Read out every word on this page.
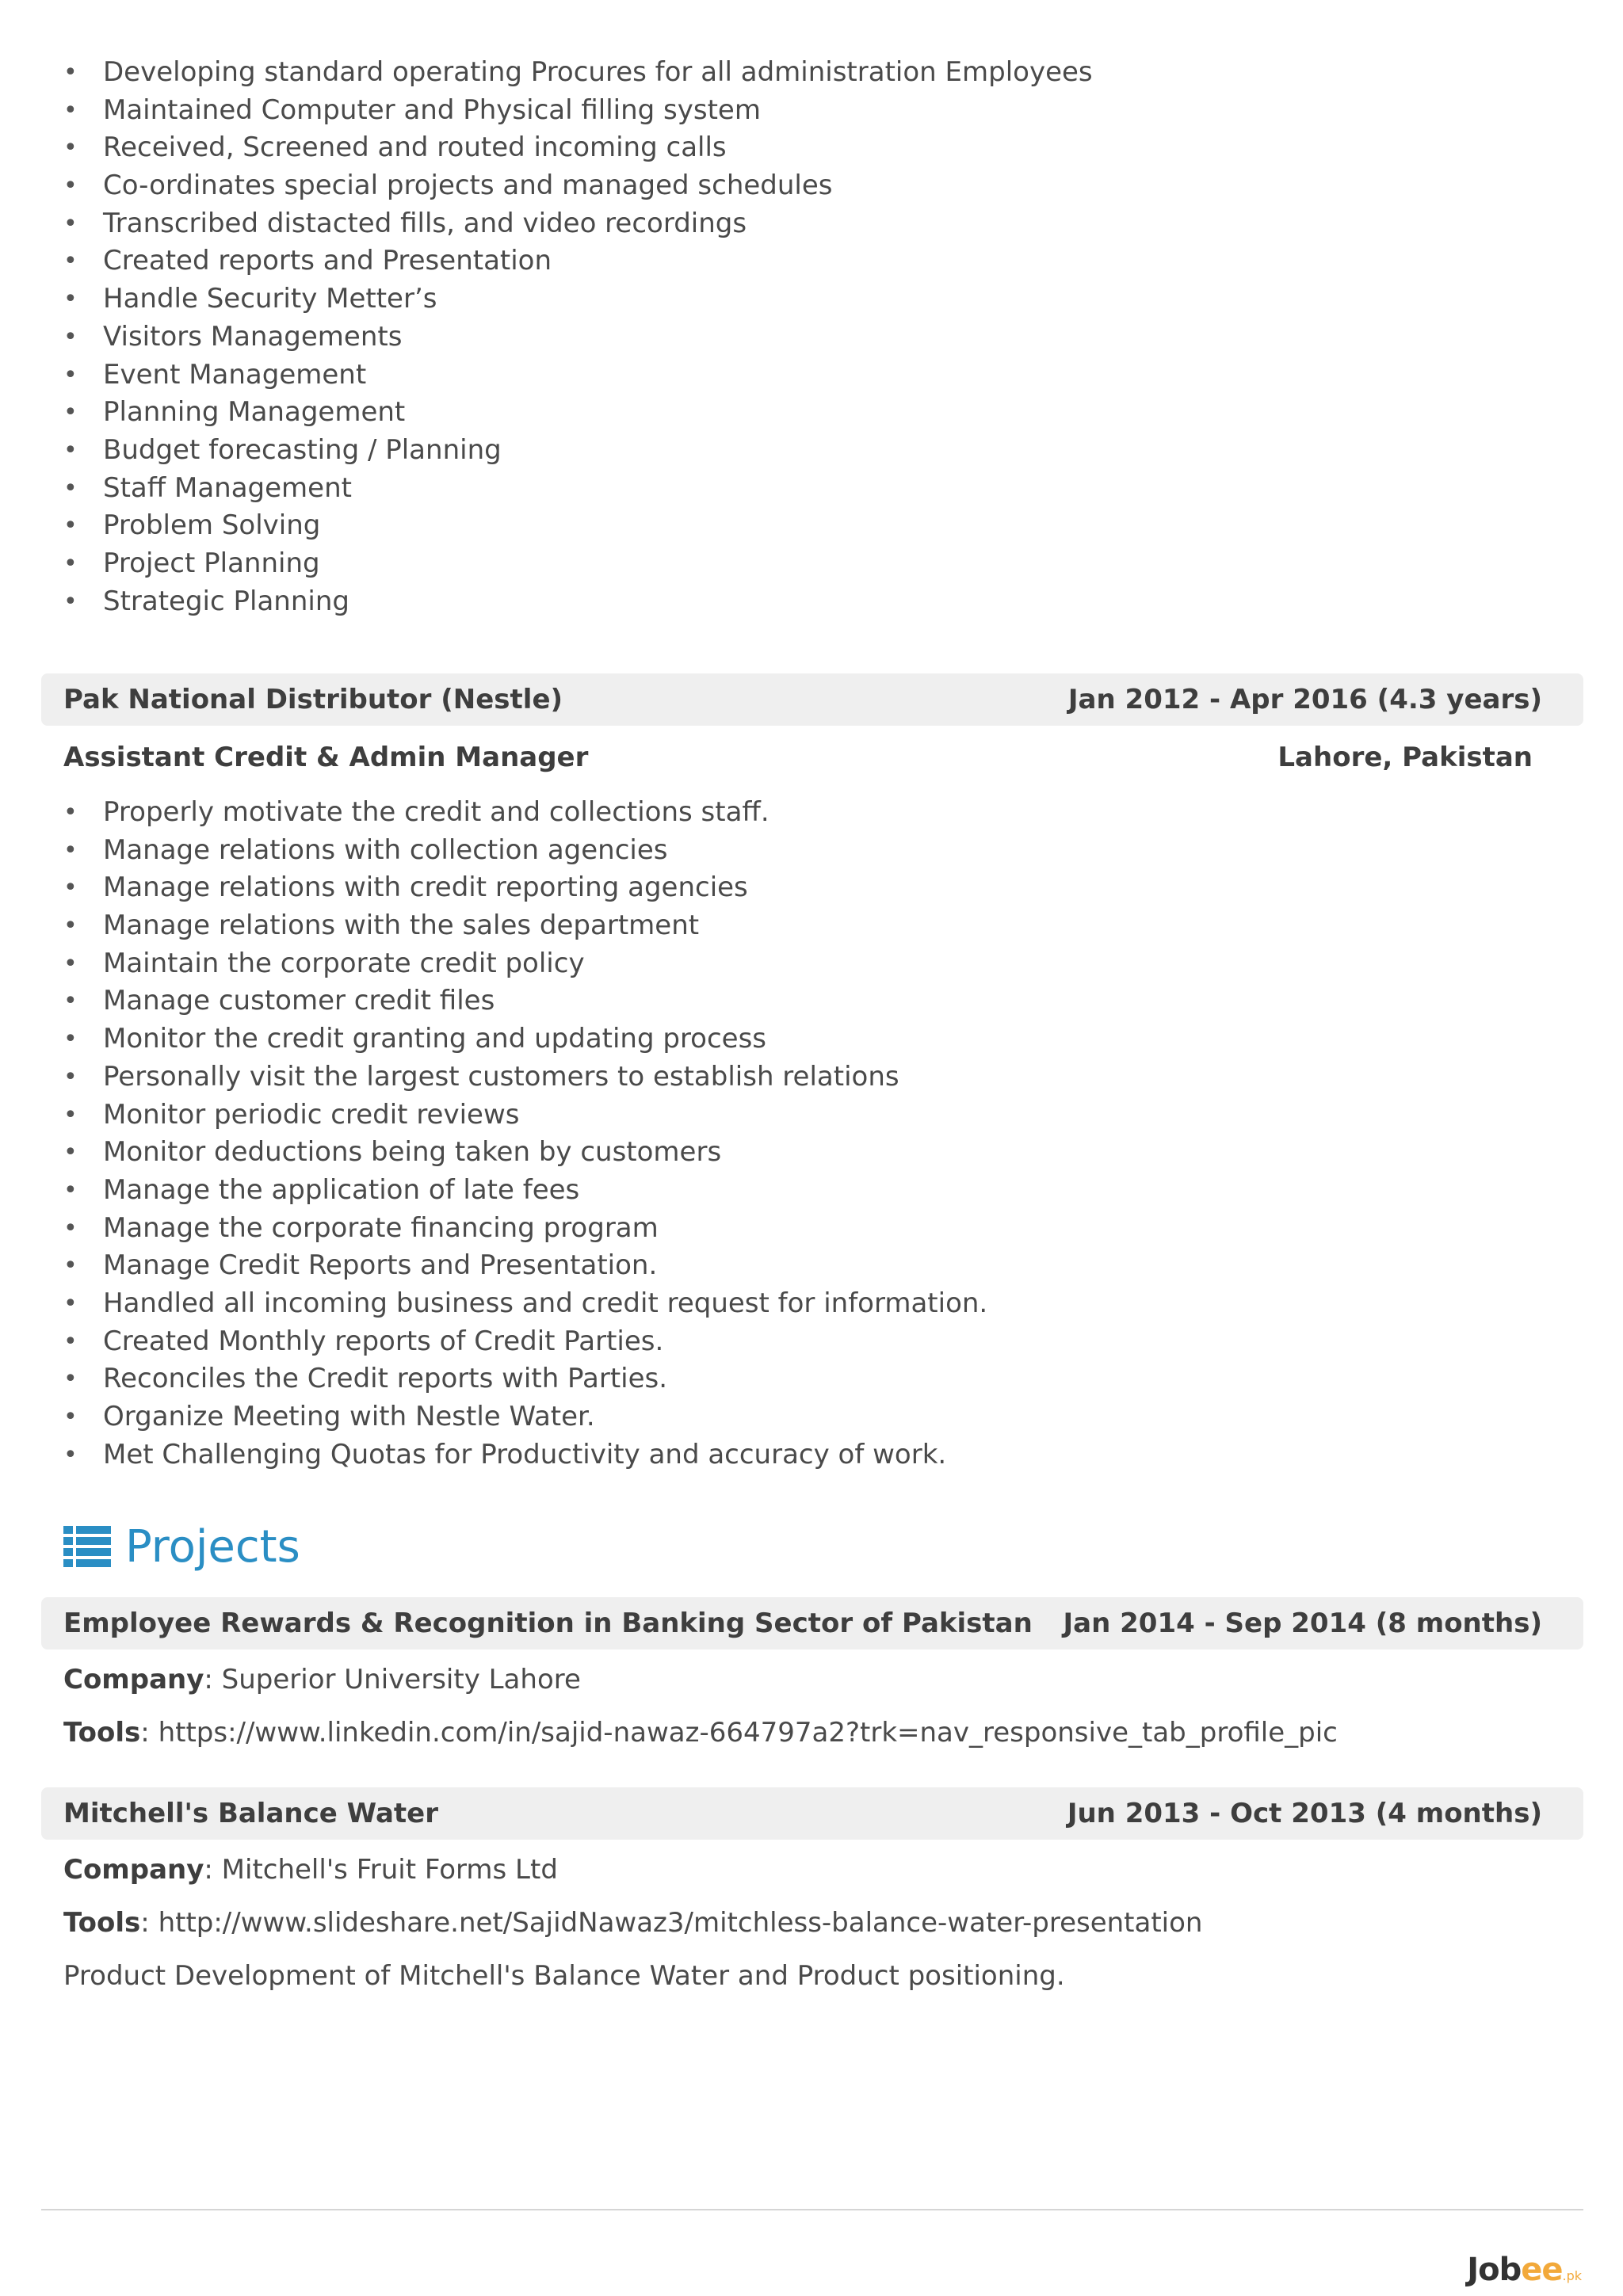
• Developing standard operating Procures for all administration Employees
• Maintained Computer and Physical filling system
• Received, Screened and routed incoming calls
• Co-ordinates special projects and managed schedules
• Transcribed distacted fills, and video recordings
• Created reports and Presentation
• Handle Security Metter’s
• Visitors Managements
• Event Management
• Planning Management
• Budget forecasting / Planning
• Staff Management
• Problem Solving
• Project Planning
• Strategic Planning
Pak National Distributor (Nestle)	Jan 2012 - Apr 2016 (4.3 years)
Assistant Credit & Admin Manager	Lahore, Pakistan
• Properly motivate the credit and collections staff.
• Manage relations with collection agencies
• Manage relations with credit reporting agencies
• Manage relations with the sales department
• Maintain the corporate credit policy
• Manage customer credit files
• Monitor the credit granting and updating process
• Personally visit the largest customers to establish relations
• Monitor periodic credit reviews
• Monitor deductions being taken by customers
• Manage the application of late fees
• Manage the corporate financing program
• Manage Credit Reports and Presentation.
• Handled all incoming business and credit request for information.
• Created Monthly reports of Credit Parties.
• Reconciles the Credit reports with Parties.
• Organize Meeting with Nestle Water.
• Met Challenging Quotas for Productivity and accuracy of work.
Projects
Employee Rewards & Recognition in Banking Sector of Pakistan Jan 2014 - Sep 2014 (8 months)
Company: Superior University Lahore
Tools: https://www.linkedin.com/in/sajid-nawaz-664797a2?trk=nav_responsive_tab_profile_pic
Mitchell's Balance Water	Jun 2013 - Oct 2013 (4 months)
Company: Mitchell's Fruit Forms Ltd
Tools: http://www.slideshare.net/SajidNawaz3/mitchless-balance-water-presentation
Product Development of Mitchell's Balance Water and Product positioning.
Jobee.pk
